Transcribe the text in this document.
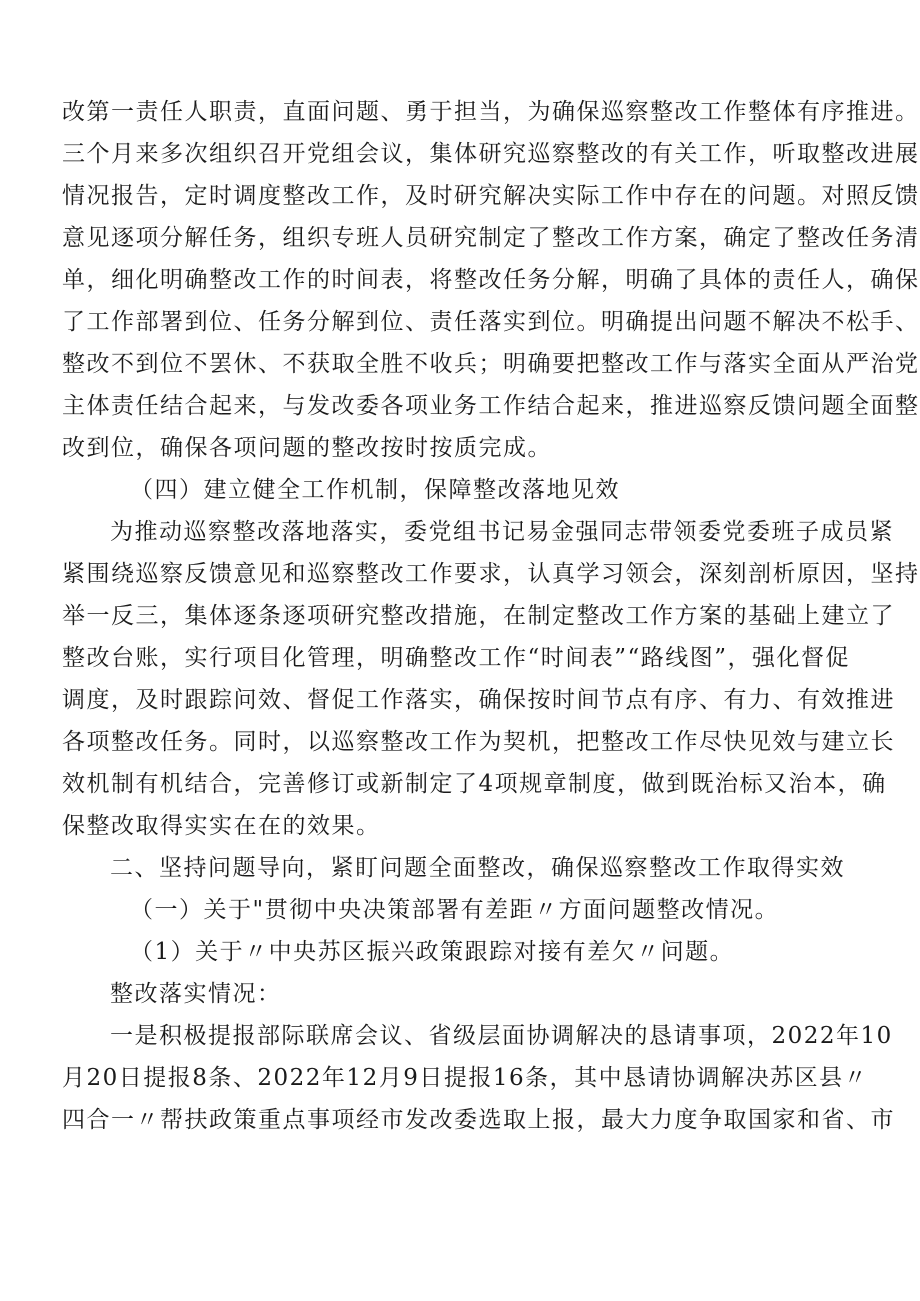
改第一责任人职责，直面问题、勇于担当，为确保巡察整改工作整体有序推进。
三个月来多次组织召开党组会议，集体研究巡察整改的有关工作，听取整改进展
情况报告，定时调度整改工作，及时研究解决实际工作中存在的问题。对照反馈
意见逐项分解任务，组织专班人员研究制定了整改工作方案，确定了整改任务清
单，细化明确整改工作的时间表，将整改任务分解，明确了具体的责任人，确保
了工作部署到位、任务分解到位、责任落实到位。明确提出问题不解决不松手、
整改不到位不罢休、不获取全胜不收兵；明确要把整改工作与落实全面从严治党
主体责任结合起来，与发改委各项业务工作结合起来，推进巡察反馈问题全面整
改到位，确保各项问题的整改按时按质完成。
（四）建立健全工作机制，保障整改落地见效
为推动巡察整改落地落实，委党组书记易金强同志带领委党委班子成员紧
紧围绕巡察反馈意见和巡察整改工作要求，认真学习领会，深刻剖析原因，坚持
举一反三，集体逐条逐项研究整改措施，在制定整改工作方案的基础上建立了
整改台账，实行项目化管理，明确整改工作“时间表”“路线图”，强化督促
调度，及时跟踪问效、督促工作落实，确保按时间节点有序、有力、有效推进
各项整改任务。同时，以巡察整改工作为契机，把整改工作尽快见效与建立长
效机制有机结合，完善修订或新制定了4项规章制度，做到既治标又治本，确
保整改取得实实在在的效果。
二、坚持问题导向，紧盯问题全面整改，确保巡察整改工作取得实效
（一）关于"贯彻中央决策部署有差距〃方面问题整改情况。
（1）关于〃中央苏区振兴政策跟踪对接有差欠〃问题。
整改落实情况：
一是积极提报部际联席会议、省级层面协调解决的恳请事项，2022年10
月20日提报8条、2022年12月9日提报16条，其中恳请协调解决苏区县〃
四合一〃帮扶政策重点事项经市发改委选取上报，最大力度争取国家和省、市
